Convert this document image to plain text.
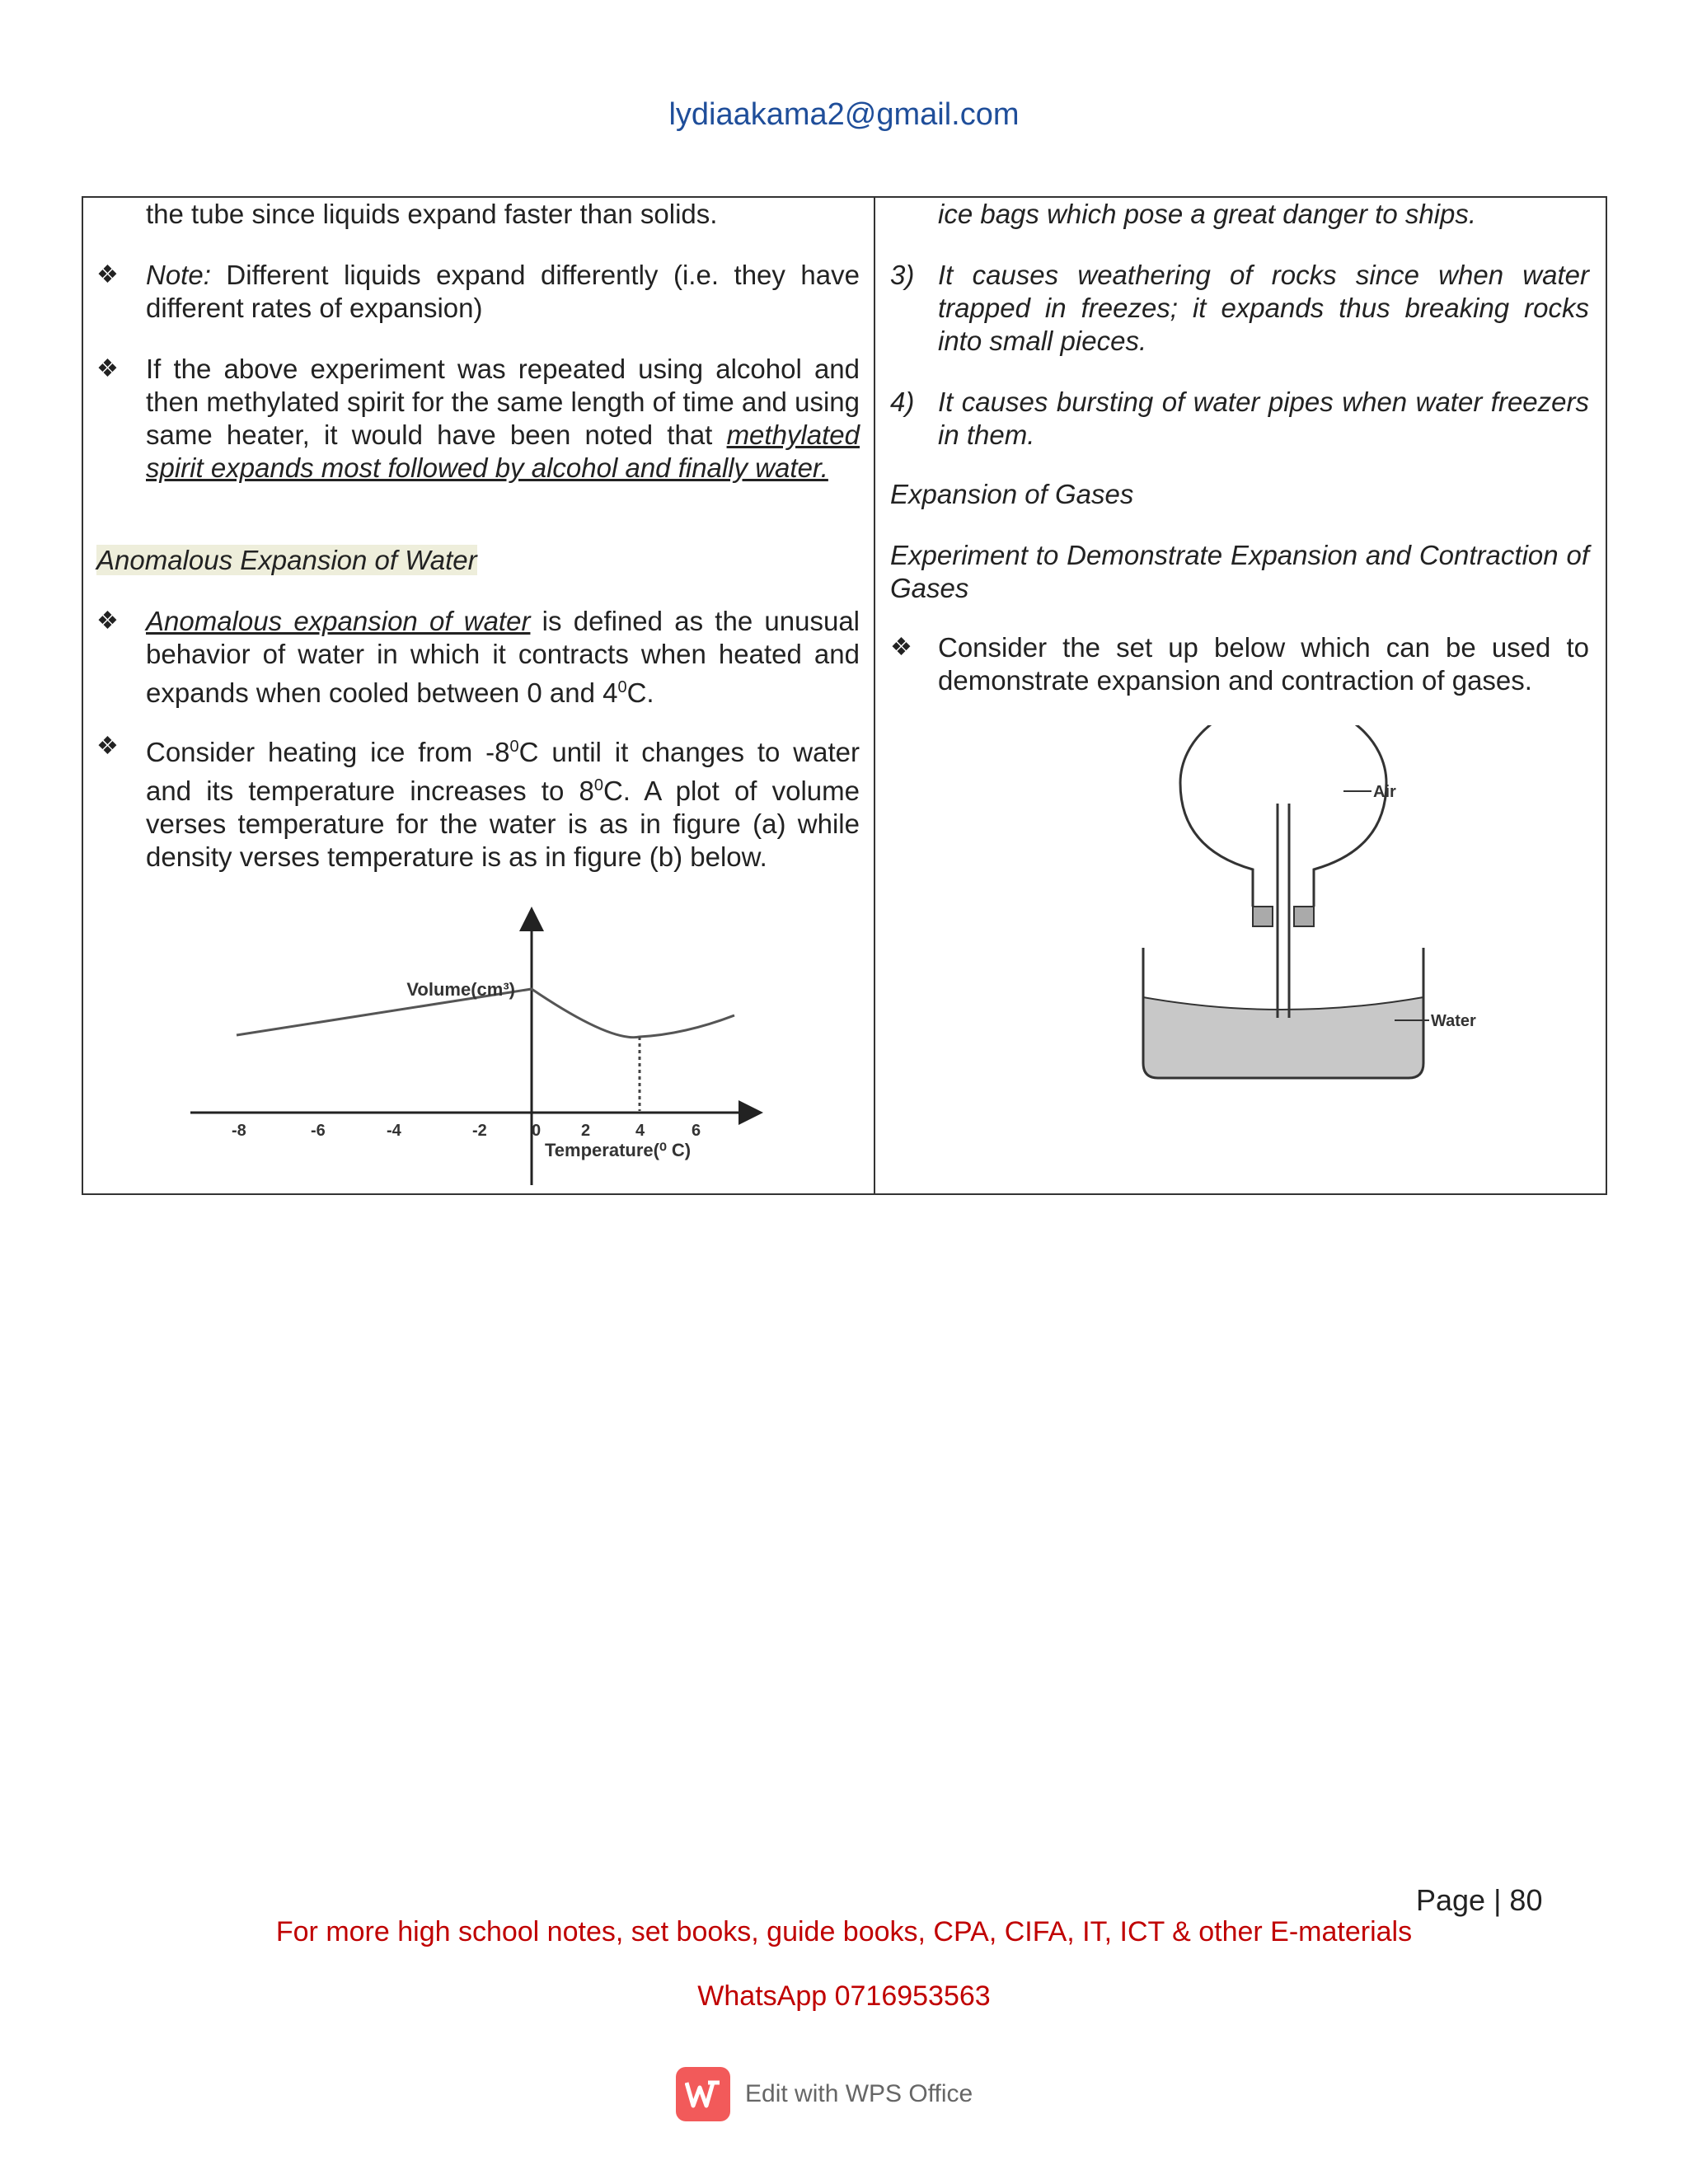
lydiaakama2@gmail.com
the tube since liquids expand faster than solids.
❖ Note: Different liquids expand differently (i.e. they have different rates of expansion)
❖ If the above experiment was repeated using alcohol and then methylated spirit for the same length of time and using same heater, it would have been noted that methylated spirit expands most followed by alcohol and finally water.
Anomalous Expansion of Water
❖ Anomalous expansion of water is defined as the unusual behavior of water in which it contracts when heated and expands when cooled between 0 and $4^0C$.
❖ Consider heating ice from $-8^0C$ until it changes to water and its temperature increases to $8^0C$. A plot of volume verses temperature for the water is as in figure (a) while density verses temperature is as in figure (b) below.
Volume(cm³)
-8	-6	-4	-2	0 2	4	6
Temperature(⁰ C)
ice bags which pose a great danger to ships.
3) It causes weathering of rocks since when water trapped in freezes; it expands thus breaking rocks into small pieces.
4) It causes bursting of water pipes when water freezers in them.
Expansion of Gases
Experiment to Demonstrate Expansion and Contraction of Gases
❖ Consider the set up below which can be used to demonstrate expansion and contraction of gases.
Air
Water
Page | 80
For more high school notes, set books, guide books, CPA, CIFA, IT, ICT & other E-materials
WhatsApp 0716953563
Edit with WPS Office
